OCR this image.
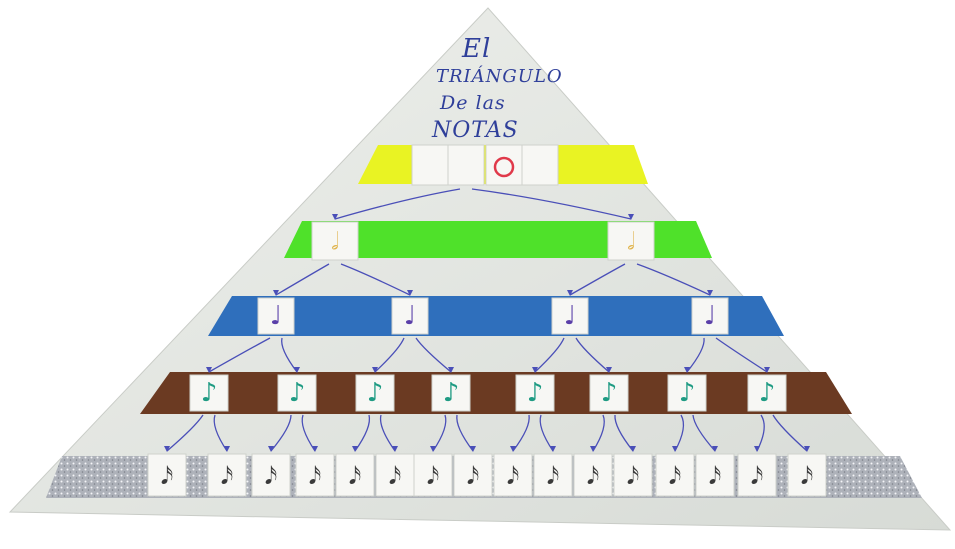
𝅗𝅥	𝅗𝅥
♩	♩	♩	♩
♪	♪ ♪ ♪	♪ ♪ ♪ ♪
𝅘𝅥𝅯 𝅘𝅥𝅯 𝅘𝅥𝅯 𝅘𝅥𝅯 𝅘𝅥𝅯 𝅘𝅥𝅯 𝅘𝅥𝅯 𝅘𝅥𝅯 𝅘𝅥𝅯 𝅘𝅥𝅯 𝅘𝅥𝅯 𝅘𝅥𝅯 𝅘𝅥𝅯 𝅘𝅥𝅯 𝅘𝅥𝅯 𝅘𝅥𝅯
El
TRIÁNGULO
De las
NOTAS
